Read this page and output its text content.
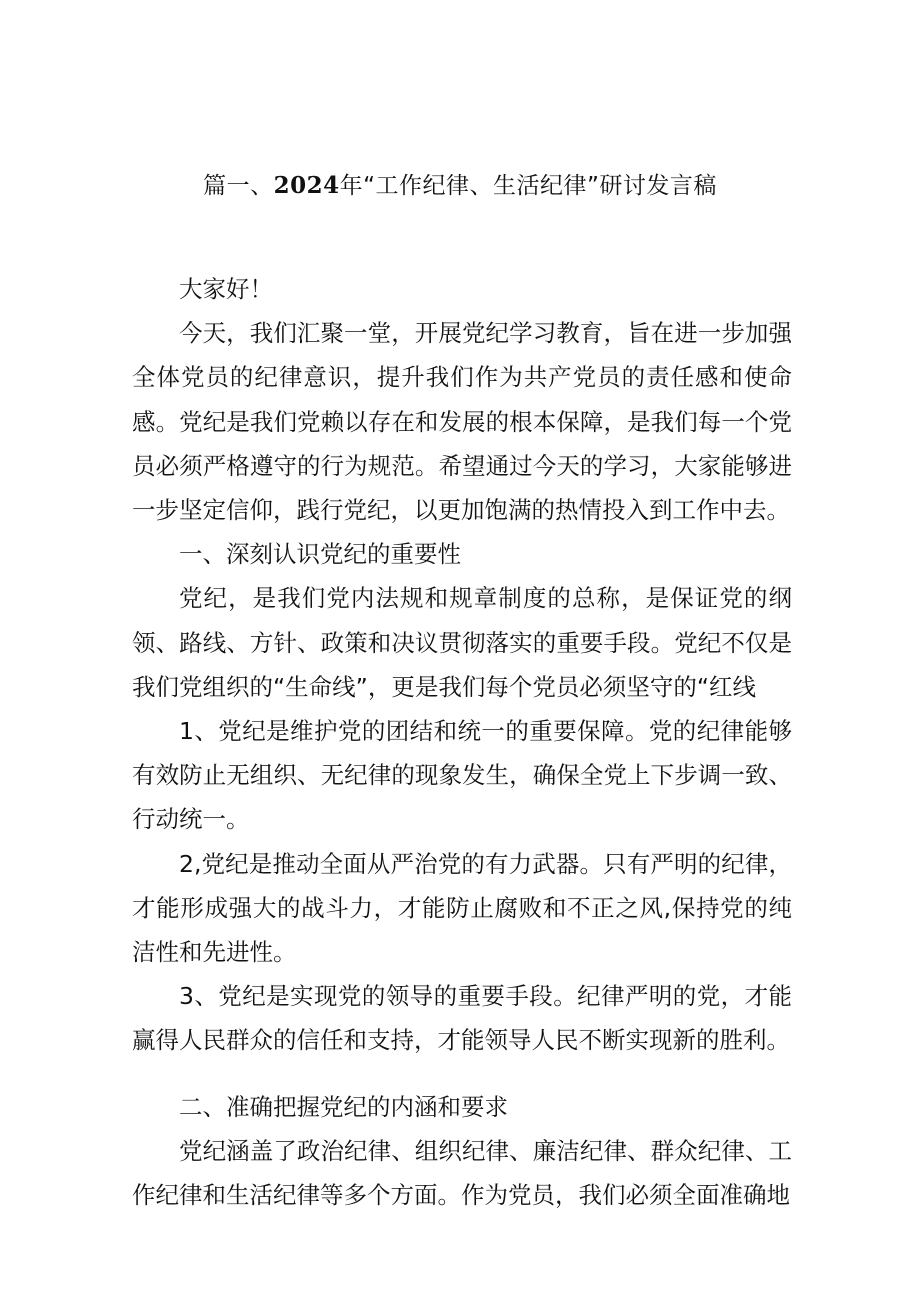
篇一、2024年“工作纪律、生活纪律”研讨发言稿

大家好！

今天，我们汇聚一堂，开展党纪学习教育，旨在进一步加强全体党员的纪律意识，提升我们作为共产党员的责任感和使命感。党纪是我们党赖以存在和发展的根本保障，是我们每一个党员必须严格遵守的行为规范。希望通过今天的学习，大家能够进一步坚定信仰，践行党纪，以更加饱满的热情投入到工作中去。

一、深刻认识党纪的重要性

党纪，是我们党内法规和规章制度的总称，是保证党的纲领、路线、方针、政策和决议贯彻落实的重要手段。党纪不仅是我们党组织的“生命线”，更是我们每个党员必须坚守的“红线

1、党纪是维护党的团结和统一的重要保障。党的纪律能够有效防止无组织、无纪律的现象发生，确保全党上下步调一致、行动统一。

2,党纪是推动全面从严治党的有力武器。只有严明的纪律，才能形成强大的战斗力，才能防止腐败和不正之风,保持党的纯洁性和先进性。

3、党纪是实现党的领导的重要手段。纪律严明的党，才能赢得人民群众的信任和支持，才能领导人民不断实现新的胜利。

二、准确把握党纪的内涵和要求

党纪涵盖了政治纪律、组织纪律、廉洁纪律、群众纪律、工作纪律和生活纪律等多个方面。作为党员，我们必须全面准确地
